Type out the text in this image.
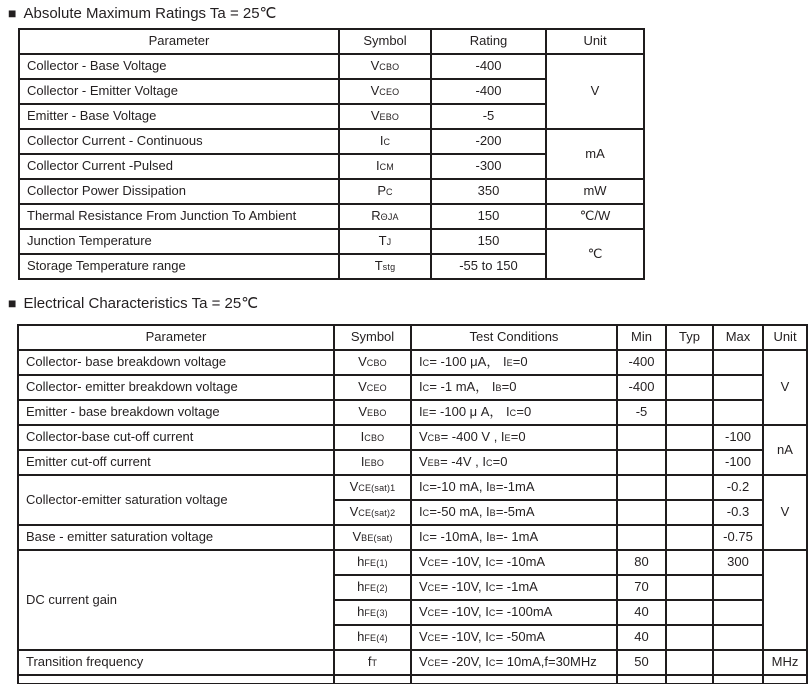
■ Absolute Maximum Ratings Ta = 25℃
Parameter	Symbol	Rating	Unit
Collector - Base Voltage	VCBO	-400	V
Collector - Emitter Voltage	VCEO	-400	
Emitter - Base Voltage	VEBO	-5	
Collector Current - Continuous	IC	-200	mA
Collector Current -Pulsed	ICM	-300	
Collector Power Dissipation	PC	350	mW
Thermal Resistance From Junction To Ambient	RΘJA	150	℃/W
Junction Temperature	TJ	150	℃
Storage Temperature range	Tstg	-55 to 150	
■ Electrical Characteristics Ta = 25℃
Parameter	Symbol	Test Conditions	Min	Typ	Max	Unit
Collector- base breakdown voltage	VCBO	IC= -100 μA， IE=0	-400			V
Collector- emitter breakdown voltage	VCEO	IC= -1 mA， IB=0	-400			
Emitter - base breakdown voltage	VEBO	IE= -100 μ A， IC=0	-5			
Collector-base cut-off current	ICBO	VCB= -400 V , IE=0			-100	nA
Emitter cut-off current	IEBO	VEB= -4V , IC=0			-100	
Collector-emitter saturation voltage	VCE(sat)1	IC=-10 mA, IB=-1mA			-0.2	V
	VCE(sat)2	IC=-50 mA, IB=-5mA			-0.3	
Base - emitter saturation voltage	VBE(sat)	IC= -10mA, IB=- 1mA			-0.75	
DC current gain	hFE(1)	VCE= -10V, IC= -10mA	80		300	
	hFE(2)	VCE= -10V, IC= -1mA	70			
	hFE(3)	VCE= -10V, IC= -100mA	40			
	hFE(4)	VCE= -10V, IC= -50mA	40			
Transition frequency	fT	VCE= -20V, IC= 10mA,f=30MHz	50			MHz
